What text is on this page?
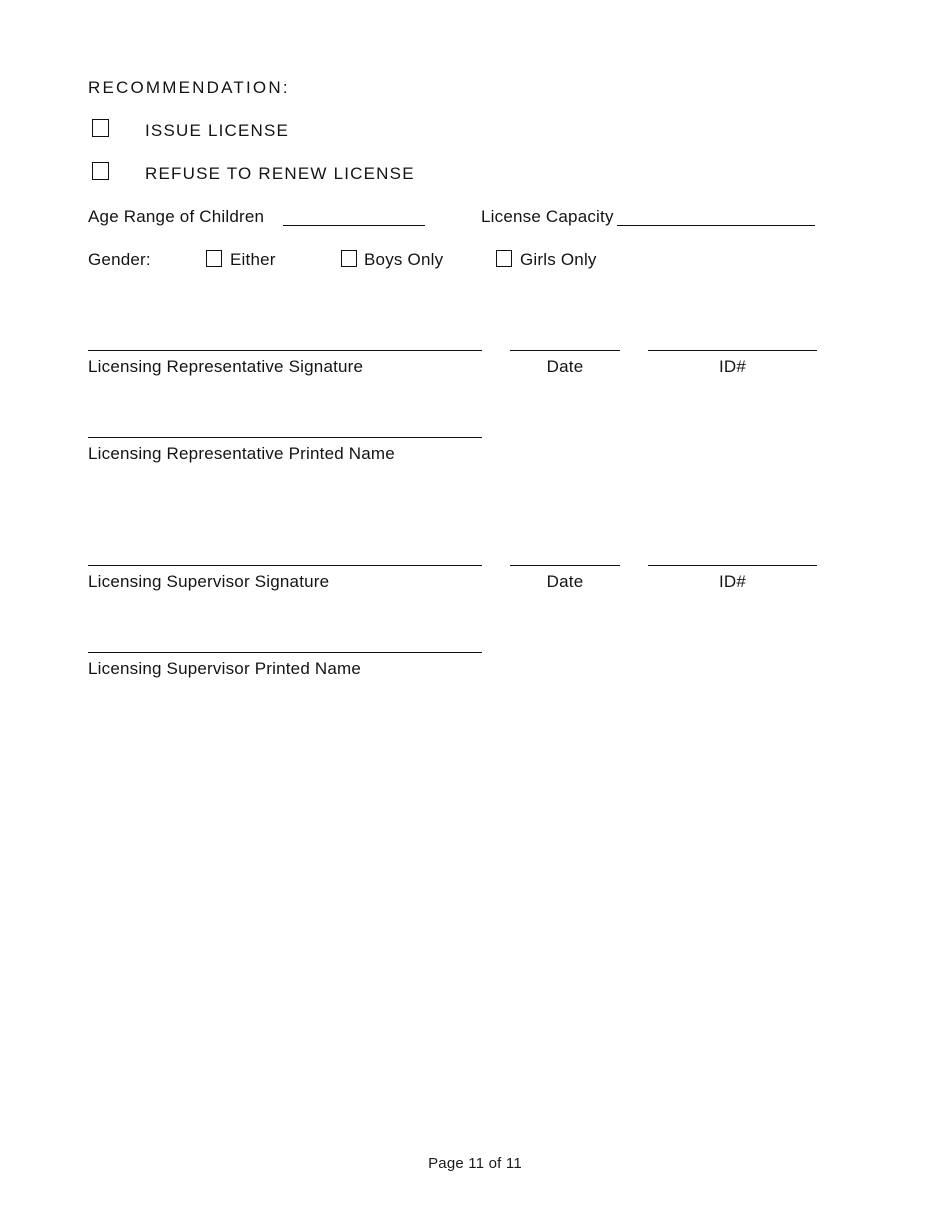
RECOMMENDATION:
ISSUE LICENSE
REFUSE TO RENEW LICENSE
Age Range of Children	License Capacity
Gender:	Either	Boys Only	Girls Only
Licensing Representative Signature	Date	ID#
Licensing Representative Printed Name
Licensing Supervisor Signature	Date	ID#
Licensing Supervisor Printed Name
Page 11 of 11
